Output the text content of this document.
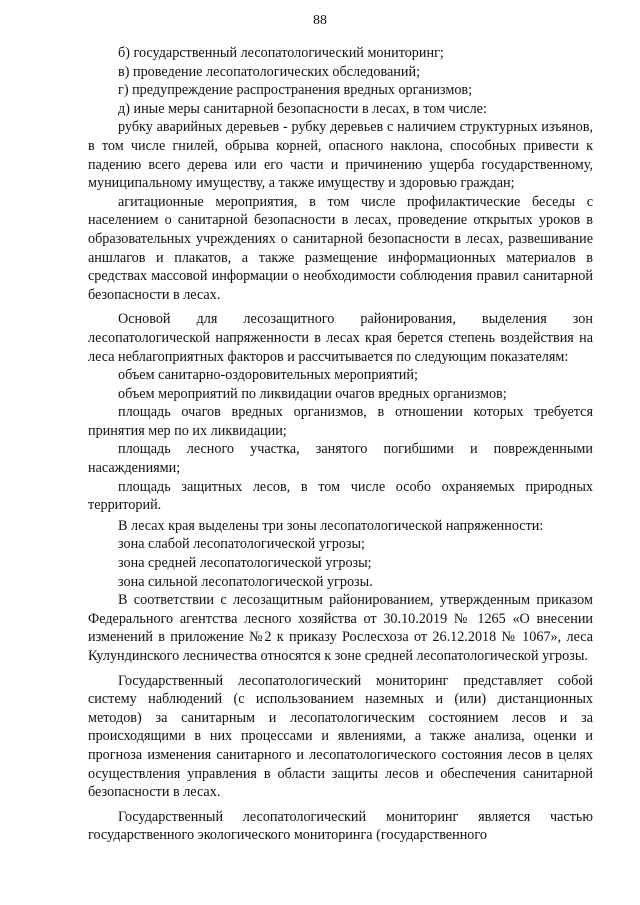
88

б) государственный лесопатологический мониторинг;

в) проведение лесопатологических обследований;

г) предупреждение распространения вредных организмов;

д) иные меры санитарной безопасности в лесах, в том числе:

рубку аварийных деревьев - рубку деревьев с наличием структурных изъянов, в том числе гнилей, обрыва корней, опасного наклона, способных привести к падению всего дерева или его части и причинению ущерба государственному, муниципальному имуществу, а также имуществу и здоровью граждан;

агитационные мероприятия, в том числе профилактические беседы с населением о санитарной безопасности в лесах, проведение открытых уроков в образовательных учреждениях о санитарной безопасности в лесах, развешивание аншлагов и плакатов, а также размещение информационных материалов в средствах массовой информации о необходимости соблюдения правил санитарной безопасности в лесах.

Основой для лесозащитного районирования, выделения зон лесопатологической напряженности в лесах края берется степень воздействия на леса неблагоприятных факторов и рассчитывается по следующим показателям:

объем санитарно-оздоровительных мероприятий;

объем мероприятий по ликвидации очагов вредных организмов;

площадь очагов вредных организмов, в отношении которых требуется принятия мер по их ликвидации;

площадь лесного участка, занятого погибшими и поврежденными насаждениями;

площадь защитных лесов, в том числе особо охраняемых природных территорий.

В лесах края выделены три зоны лесопатологической напряженности:

зона слабой лесопатологической угрозы;

зона средней лесопатологической угрозы;

зона сильной лесопатологической угрозы.

В соответствии с лесозащитным районированием, утвержденным приказом Федерального агентства лесного хозяйства от 30.10.2019 № 1265 «О внесении изменений в приложение №2 к приказу Рослесхоза от 26.12.2018 № 1067», леса Кулундинского лесничества относятся к зоне средней лесопатологической угрозы.

Государственный лесопатологический мониторинг представляет собой систему наблюдений (с использованием наземных и (или) дистанционных методов) за санитарным и лесопатологическим состоянием лесов и за происходящими в них процессами и явлениями, а также анализа, оценки и прогноза изменения санитарного и лесопатологического состояния лесов в целях осуществления управления в области защиты лесов и обеспечения санитарной безопасности в лесах.

Государственный лесопатологический мониторинг является частью государственного экологического мониторинга (государственного
